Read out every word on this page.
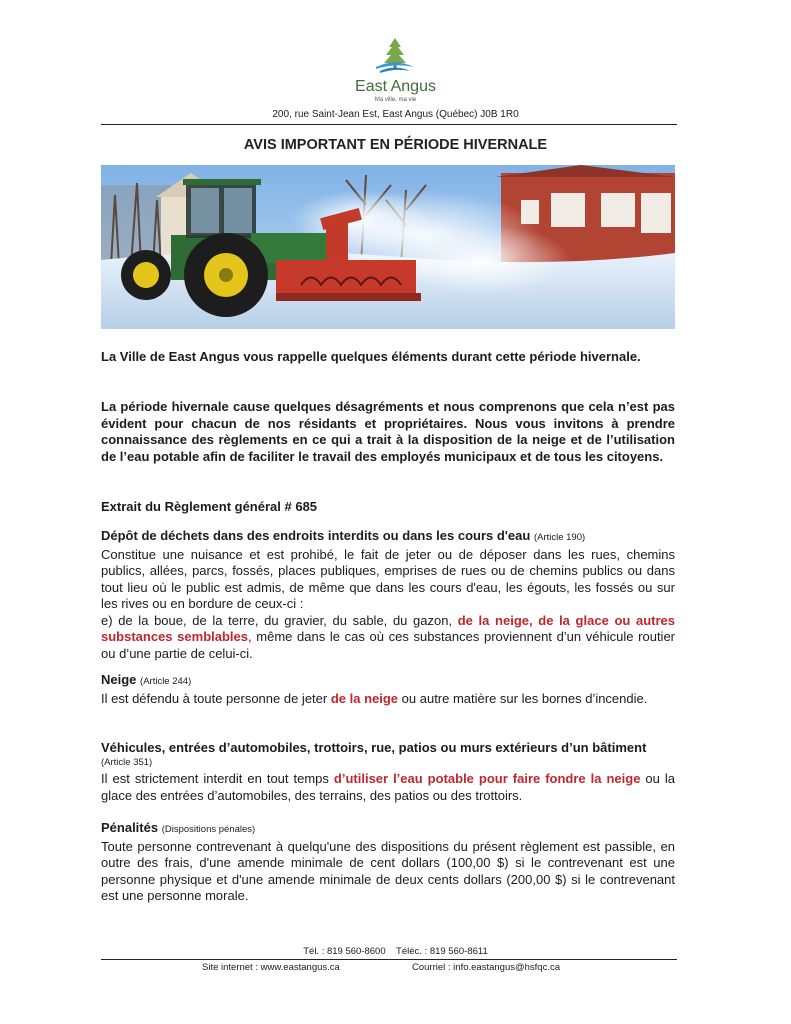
East Angus
Ma ville, ma vie
200, rue Saint-Jean Est, East Angus (Québec) J0B 1R0
AVIS IMPORTANT EN PÉRIODE HIVERNALE
La Ville de East Angus vous rappelle quelques éléments durant cette période hivernale.
La période hivernale cause quelques désagréments et nous comprenons que cela n’est pas évident pour chacun de nos résidants et propriétaires. Nous vous invitons à prendre connaissance des règlements en ce qui a trait à la disposition de la neige et de l’utilisation de l’eau potable afin de faciliter le travail des employés municipaux et de tous les citoyens.
Extrait du Règlement général # 685
Dépôt de déchets dans des endroits interdits ou dans les cours d'eau (Article 190)
Constitue une nuisance et est prohibé, le fait de jeter ou de déposer dans les rues, chemins publics, allées, parcs, fossés, places publiques, emprises de rues ou de chemins publics ou dans tout lieu où le public est admis, de même que dans les cours d'eau, les égouts, les fossés ou sur les rives ou en bordure de ceux-ci :
e) de la boue, de la terre, du gravier, du sable, du gazon, de la neige, de la glace ou autres substances semblables, même dans le cas où ces substances proviennent d’un véhicule routier ou d’une partie de celui-ci.
Neige (Article 244)
Il est défendu à toute personne de jeter de la neige ou autre matière sur les bornes d’incendie.
Véhicules, entrées d’automobiles, trottoirs, rue, patios ou murs extérieurs d’un bâtiment
(Article 351)
Il est strictement interdit en tout temps d’utiliser l’eau potable pour faire fondre la neige ou la glace des entrées d’automobiles, des terrains, des patios ou des trottoirs.
Pénalités (Dispositions pénales)
Toute personne contrevenant à quelqu'une des dispositions du présent règlement est passible, en outre des frais, d'une amende minimale de cent dollars (100,00 $) si le contrevenant est une personne physique et d'une amende minimale de deux cents dollars (200,00 $) si le contrevenant est une personne morale.
Tél. : 819 560-8600 Téléc. : 819 560-8611
Site internet : www.eastangus.ca	Courriel : info.eastangus@hsfqc.ca
